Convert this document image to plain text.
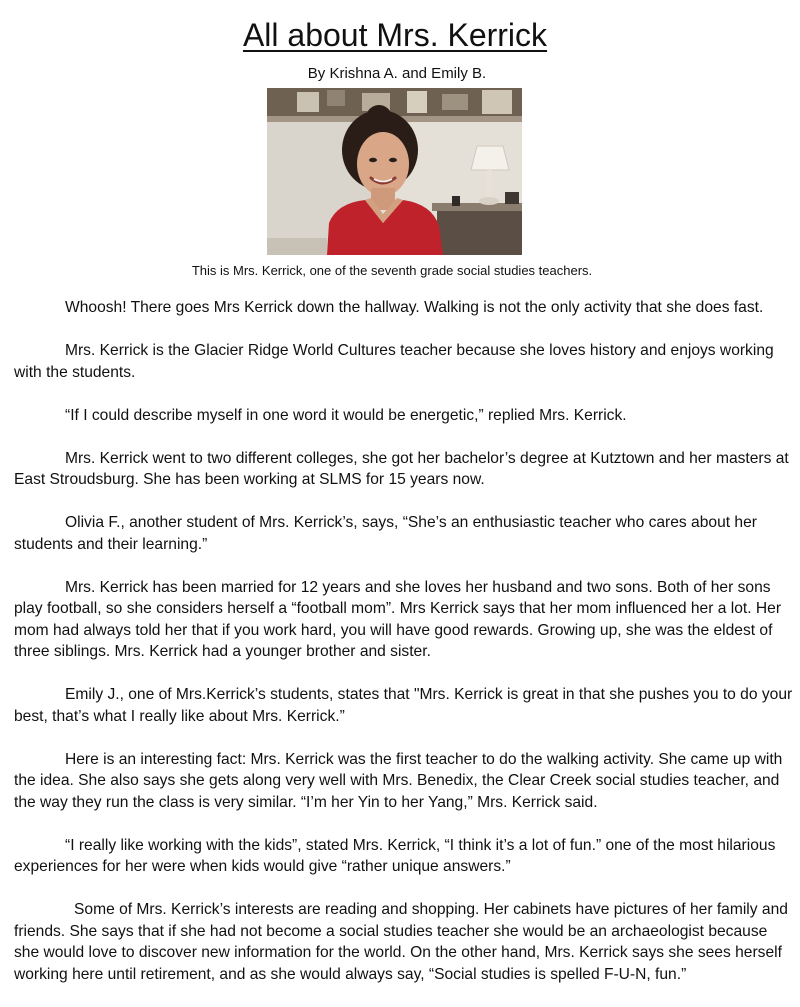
All about Mrs. Kerrick
By Krishna A. and Emily B.
This is Mrs. Kerrick, one of the seventh grade social studies teachers.

Whoosh! There goes Mrs Kerrick down the hallway. Walking is not the only activity that she does fast.

Mrs. Kerrick is the Glacier Ridge World Cultures teacher because she loves history and enjoys working with the students.

“If I could describe myself in one word it would be energetic,” replied Mrs. Kerrick.

Mrs. Kerrick went to two different colleges, she got her bachelor’s degree at Kutztown and her masters at East Stroudsburg. She has been working at SLMS for 15 years now.

Olivia F., another student of Mrs. Kerrick’s, says, “She’s an enthusiastic teacher who cares about her students and their learning.”

Mrs. Kerrick has been married for 12 years and she loves her husband and two sons. Both of her sons play football, so she considers herself a “football mom”. Mrs Kerrick says that her mom influenced her a lot. Her mom had always told her that if you work hard, you will have good rewards. Growing up, she was the eldest of three siblings. Mrs. Kerrick had a younger brother and sister.

Emily J., one of Mrs.Kerrick’s students, states that "Mrs. Kerrick is great in that she pushes you to do your best, that’s what I really like about Mrs. Kerrick.”

Here is an interesting fact: Mrs. Kerrick was the first teacher to do the walking activity. She came up with the idea. She also says she gets along very well with Mrs. Benedix, the Clear Creek social studies teacher, and the way they run the class is very similar. “I’m her Yin to her Yang,” Mrs. Kerrick said.

“I really like working with the kids”, stated Mrs. Kerrick, “I think it’s a lot of fun.” one of the most hilarious experiences for her were when kids would give “rather unique answers.”

Some of Mrs. Kerrick’s interests are reading and shopping. Her cabinets have pictures of her family and friends. She says that if she had not become a social studies teacher she would be an archaeologist because she would love to discover new information for the world. On the other hand, Mrs. Kerrick says she sees herself working here until retirement, and as she would always say, “Social studies is spelled F-U-N, fun.”
